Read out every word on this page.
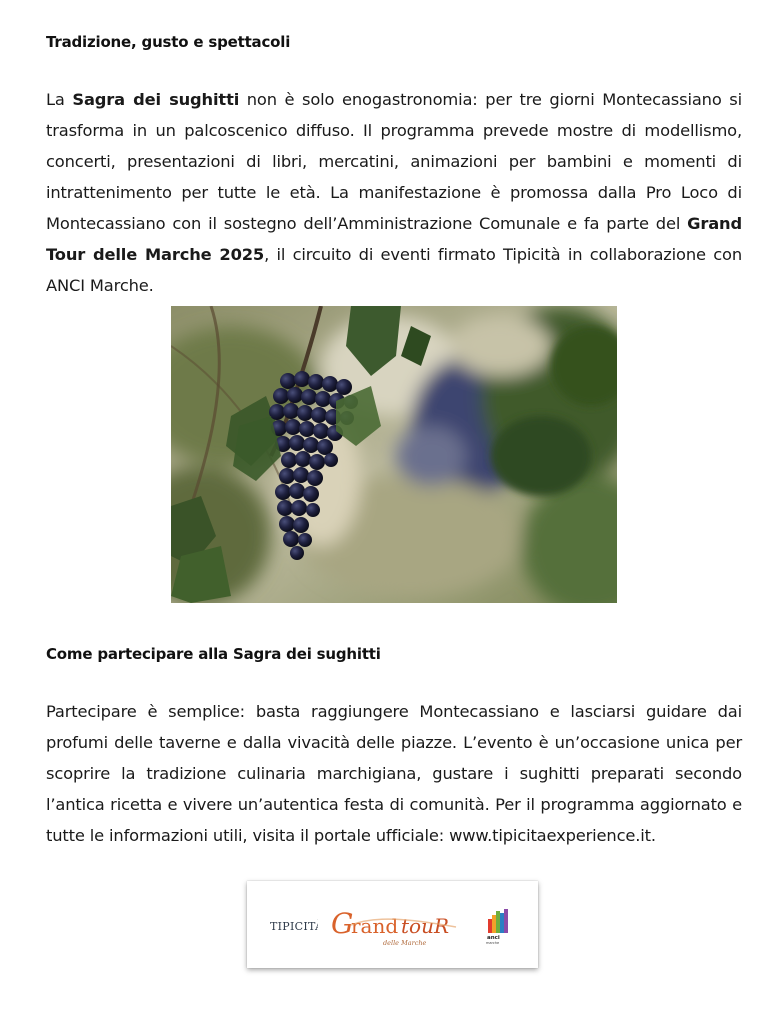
Tradizione, gusto e spettacoli

La Sagra dei sughitti non è solo enogastronomia: per tre giorni Montecassiano si trasforma in un palcoscenico diffuso. Il programma prevede mostre di modellismo, concerti, presentazioni di libri, mercatini, animazioni per bambini e momenti di intrattenimento per tutte le età. La manifestazione è promossa dalla Pro Loco di Montecassiano con il sostegno dell’Amministrazione Comunale e fa parte del Grand Tour delle Marche 2025, il circuito di eventi firmato Tipicità in collaborazione con ANCI Marche.

Come partecipare alla Sagra dei sughitti

Partecipare è semplice: basta raggiungere Montecassiano e lasciarsi guidare dai profumi delle taverne e dalla vivacità delle piazze. L’evento è un’occasione unica per scoprire la tradizione culinaria marchigiana, gustare i sughitti preparati secondo l’antica ricetta e vivere un’autentica festa di comunità. Per il programma aggiornato e tutte le informazioni utili, visita il portale ufficiale: www.tipicitaexperience.it.

TIPICITÀ G
rand touR
delle Marche
anci
marche
